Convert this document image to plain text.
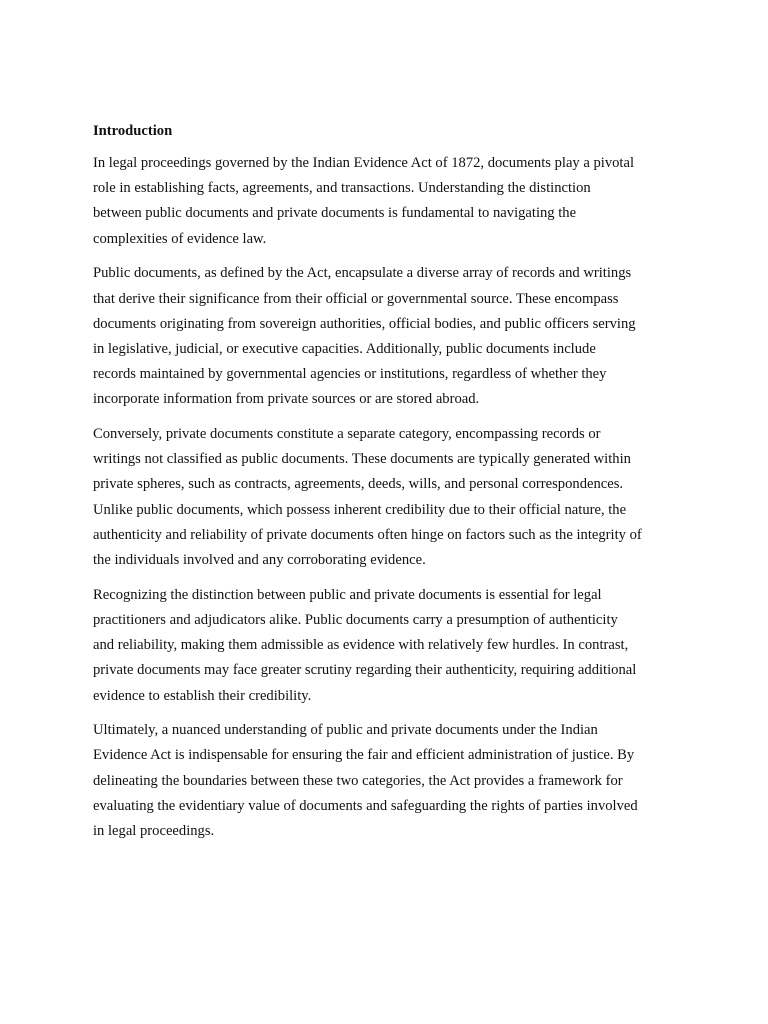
Introduction
In legal proceedings governed by the Indian Evidence Act of 1872, documents play a pivotal
role in establishing facts, agreements, and transactions. Understanding the distinction
between public documents and private documents is fundamental to navigating the
complexities of evidence law.
Public documents, as defined by the Act, encapsulate a diverse array of records and writings
that derive their significance from their official or governmental source. These encompass
documents originating from sovereign authorities, official bodies, and public officers serving
in legislative, judicial, or executive capacities. Additionally, public documents include
records maintained by governmental agencies or institutions, regardless of whether they
incorporate information from private sources or are stored abroad.
Conversely, private documents constitute a separate category, encompassing records or
writings not classified as public documents. These documents are typically generated within
private spheres, such as contracts, agreements, deeds, wills, and personal correspondences.
Unlike public documents, which possess inherent credibility due to their official nature, the
authenticity and reliability of private documents often hinge on factors such as the integrity of
the individuals involved and any corroborating evidence.
Recognizing the distinction between public and private documents is essential for legal
practitioners and adjudicators alike. Public documents carry a presumption of authenticity
and reliability, making them admissible as evidence with relatively few hurdles. In contrast,
private documents may face greater scrutiny regarding their authenticity, requiring additional
evidence to establish their credibility.
Ultimately, a nuanced understanding of public and private documents under the Indian
Evidence Act is indispensable for ensuring the fair and efficient administration of justice. By
delineating the boundaries between these two categories, the Act provides a framework for
evaluating the evidentiary value of documents and safeguarding the rights of parties involved
in legal proceedings.
